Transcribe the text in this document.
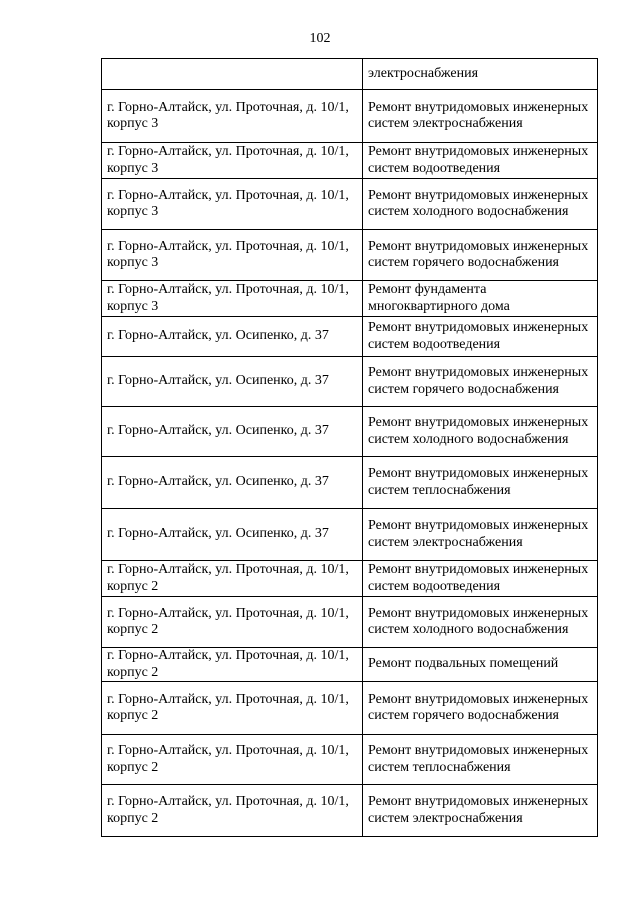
102
	электроснабжения
г. Горно-Алтайск, ул. Проточная, д. 10/1, корпус 3	Ремонт внутридомовых инженерных систем электроснабжения
г. Горно-Алтайск, ул. Проточная, д. 10/1, корпус 3	Ремонт внутридомовых инженерных систем водоотведения
г. Горно-Алтайск, ул. Проточная, д. 10/1, корпус 3	Ремонт внутридомовых инженерных систем холодного водоснабжения
г. Горно-Алтайск, ул. Проточная, д. 10/1, корпус 3	Ремонт внутридомовых инженерных систем горячего водоснабжения
г. Горно-Алтайск, ул. Проточная, д. 10/1, корпус 3	Ремонт фундамента многоквартирного дома
г. Горно-Алтайск, ул. Осипенко, д. 37	Ремонт внутридомовых инженерных систем водоотведения
г. Горно-Алтайск, ул. Осипенко, д. 37	Ремонт внутридомовых инженерных систем горячего водоснабжения
г. Горно-Алтайск, ул. Осипенко, д. 37	Ремонт внутридомовых инженерных систем холодного водоснабжения
г. Горно-Алтайск, ул. Осипенко, д. 37	Ремонт внутридомовых инженерных систем теплоснабжения
г. Горно-Алтайск, ул. Осипенко, д. 37	Ремонт внутридомовых инженерных систем электроснабжения
г. Горно-Алтайск, ул. Проточная, д. 10/1, корпус 2	Ремонт внутридомовых инженерных систем водоотведения
г. Горно-Алтайск, ул. Проточная, д. 10/1, корпус 2	Ремонт внутридомовых инженерных систем холодного водоснабжения
г. Горно-Алтайск, ул. Проточная, д. 10/1, корпус 2	Ремонт подвальных помещений
г. Горно-Алтайск, ул. Проточная, д. 10/1, корпус 2	Ремонт внутридомовых инженерных систем горячего водоснабжения
г. Горно-Алтайск, ул. Проточная, д. 10/1, корпус 2	Ремонт внутридомовых инженерных систем теплоснабжения
г. Горно-Алтайск, ул. Проточная, д. 10/1, корпус 2	Ремонт внутридомовых инженерных систем электроснабжения
